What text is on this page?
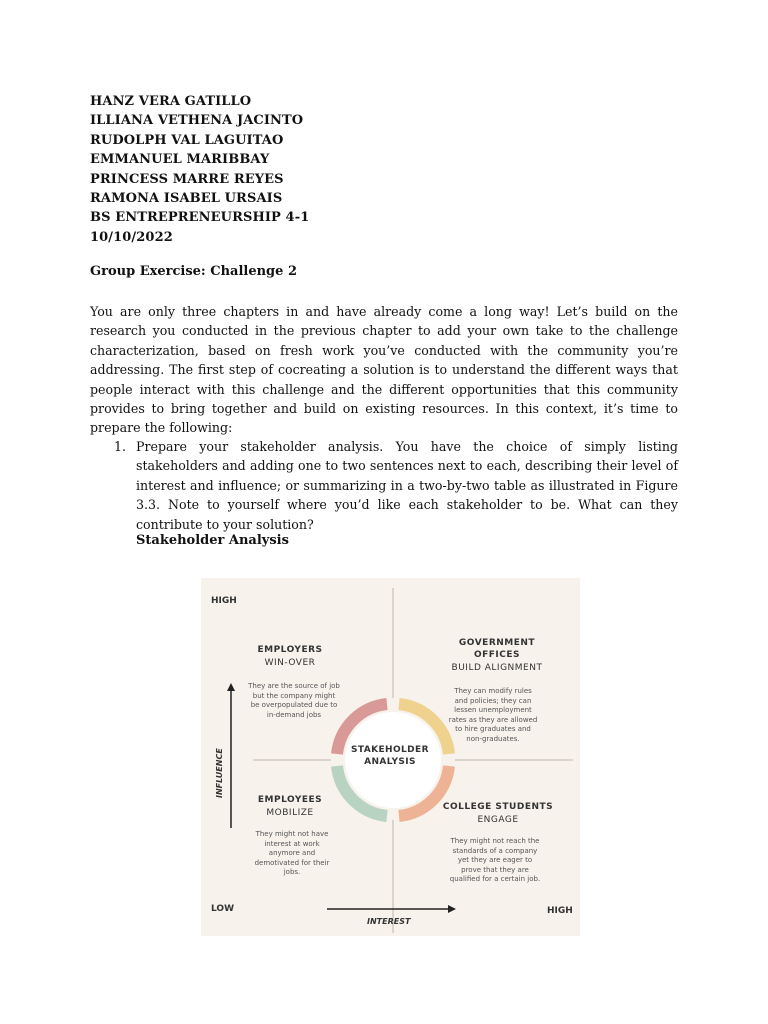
HANZ VERA GATILLO
ILLIANA VETHENA JACINTO
RUDOLPH VAL LAGUITAO
EMMANUEL MARIBBAY
PRINCESS MARRE REYES
RAMONA ISABEL URSAIS
BS ENTREPRENEURSHIP 4-1
10/10/2022
Group Exercise: Challenge 2
You are only three chapters in and have already come a long way! Let’s build on the research you conducted in the previous chapter to add your own take to the challenge characterization, based on fresh work you’ve conducted with the community you’re addressing. The first step of cocreating a solution is to understand the different ways that people interact with this challenge and the different opportunities that this community provides to bring together and build on existing resources. In this context, it’s time to prepare the following:
1. Prepare your stakeholder analysis. You have the choice of simply listing stakeholders and adding one to two sentences next to each, describing their level of interest and influence; or summarizing in a two-by-two table as illustrated in Figure 3.3. Note to yourself where you’d like each stakeholder to be. What can they contribute to your solution?
Stakeholder Analysis
HIGH
LOW	HIGH
INTEREST
INFLUENCE
EMPLOYERS
WIN-OVER
They are the source of job but the company might be overpopulated due to in-demand jobs
GOVERNMENT OFFICES
BUILD ALIGNMENT
They can modify rules and policies; they can lessen unemployment rates as they are allowed to hire graduates and non-graduates.
EMPLOYEES
MOBILIZE
They might not have interest at work anymore and demotivated for their jobs.
COLLEGE STUDENTS
ENGAGE
They might not reach the standards of a company yet they are eager to prove that they are qualified for a certain job.
STAKEHOLDER ANALYSIS
